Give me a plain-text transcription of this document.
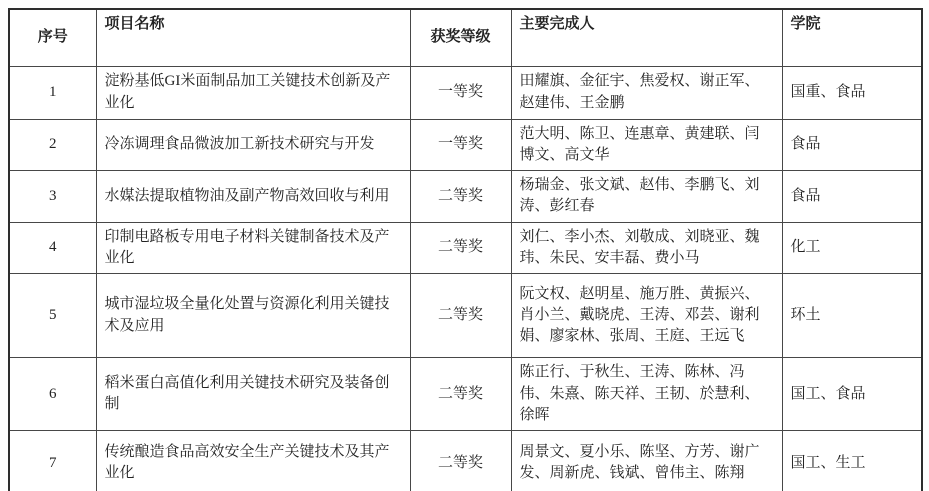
序号	项目名称	获奖等级	主要完成人	学院
1	淀粉基低GI米面制品加工关键技术创新及产业化	一等奖	田耀旗、金征宇、焦爱权、谢正军、赵建伟、王金鹏	国重、食品
2	冷冻调理食品微波加工新技术研究与开发	一等奖	范大明、陈卫、连惠章、黄建联、闫博文、高文华	食品
3	水媒法提取植物油及副产物高效回收与利用	二等奖	杨瑞金、张文斌、赵伟、李鹏飞、刘涛、彭红春	食品
4	印制电路板专用电子材料关键制备技术及产业化	二等奖	刘仁、李小杰、刘敬成、刘晓亚、魏玮、朱民、安丰磊、费小马	化工
5	城市湿垃圾全量化处置与资源化利用关键技术及应用	二等奖	阮文权、赵明星、施万胜、黄振兴、肖小兰、戴晓虎、王涛、邓芸、谢利娟、廖家林、张周、王庭、王远飞	环土
6	稻米蛋白高值化利用关键技术研究及装备创制	二等奖	陈正行、于秋生、王涛、陈林、冯伟、朱熹、陈天祥、王韧、於慧利、徐晖	国工、食品
7	传统酿造食品高效安全生产关键技术及其产业化	二等奖	周景文、夏小乐、陈坚、方芳、谢广发、周新虎、钱斌、曾伟主、陈翔	国工、生工
